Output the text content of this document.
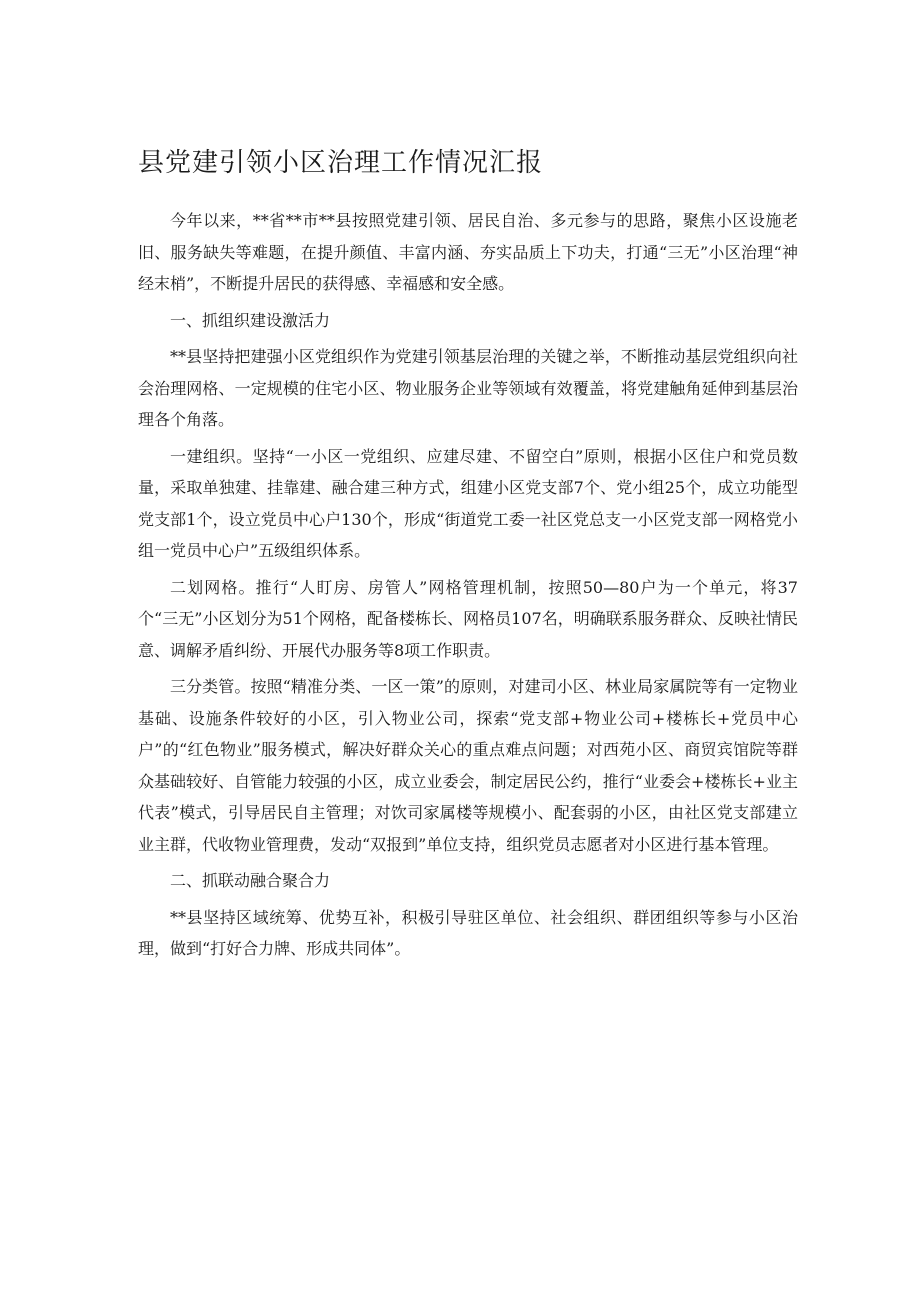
县党建引领小区治理工作情况汇报

今年以来，**省**市**县按照党建引领、居民自治、多元参与的思路，聚焦小区设施老旧、服务缺失等难题，在提升颜值、丰富内涵、夯实品质上下功夫，打通“三无”小区治理“神经末梢”，不断提升居民的获得感、幸福感和安全感。

一、抓组织建设激活力

**县坚持把建强小区党组织作为党建引领基层治理的关键之举，不断推动基层党组织向社会治理网格、一定规模的住宅小区、物业服务企业等领域有效覆盖，将党建触角延伸到基层治理各个角落。

一建组织。坚持“一小区一党组织、应建尽建、不留空白”原则，根据小区住户和党员数量，采取单独建、挂靠建、融合建三种方式，组建小区党支部7个、党小组25个，成立功能型党支部1个，设立党员中心户130个，形成“街道党工委一社区党总支一小区党支部一网格党小组一党员中心户”五级组织体系。

二划网格。推行“人盯房、房管人”网格管理机制，按照50—80户为一个单元，将37个“三无”小区划分为51个网格，配备楼栋长、网格员107名，明确联系服务群众、反映社情民意、调解矛盾纠纷、开展代办服务等8项工作职责。

三分类管。按照“精准分类、一区一策”的原则，对建司小区、林业局家属院等有一定物业基础、设施条件较好的小区，引入物业公司，探索“党支部+物业公司+楼栋长+党员中心户”的“红色物业”服务模式，解决好群众关心的重点难点问题；对西苑小区、商贸宾馆院等群众基础较好、自管能力较强的小区，成立业委会，制定居民公约，推行“业委会+楼栋长+业主代表”模式，引导居民自主管理；对饮司家属楼等规模小、配套弱的小区，由社区党支部建立业主群，代收物业管理费，发动“双报到”单位支持，组织党员志愿者对小区进行基本管理。

二、抓联动融合聚合力

**县坚持区域统筹、优势互补，积极引导驻区单位、社会组织、群团组织等参与小区治理，做到“打好合力牌、形成共同体”。
